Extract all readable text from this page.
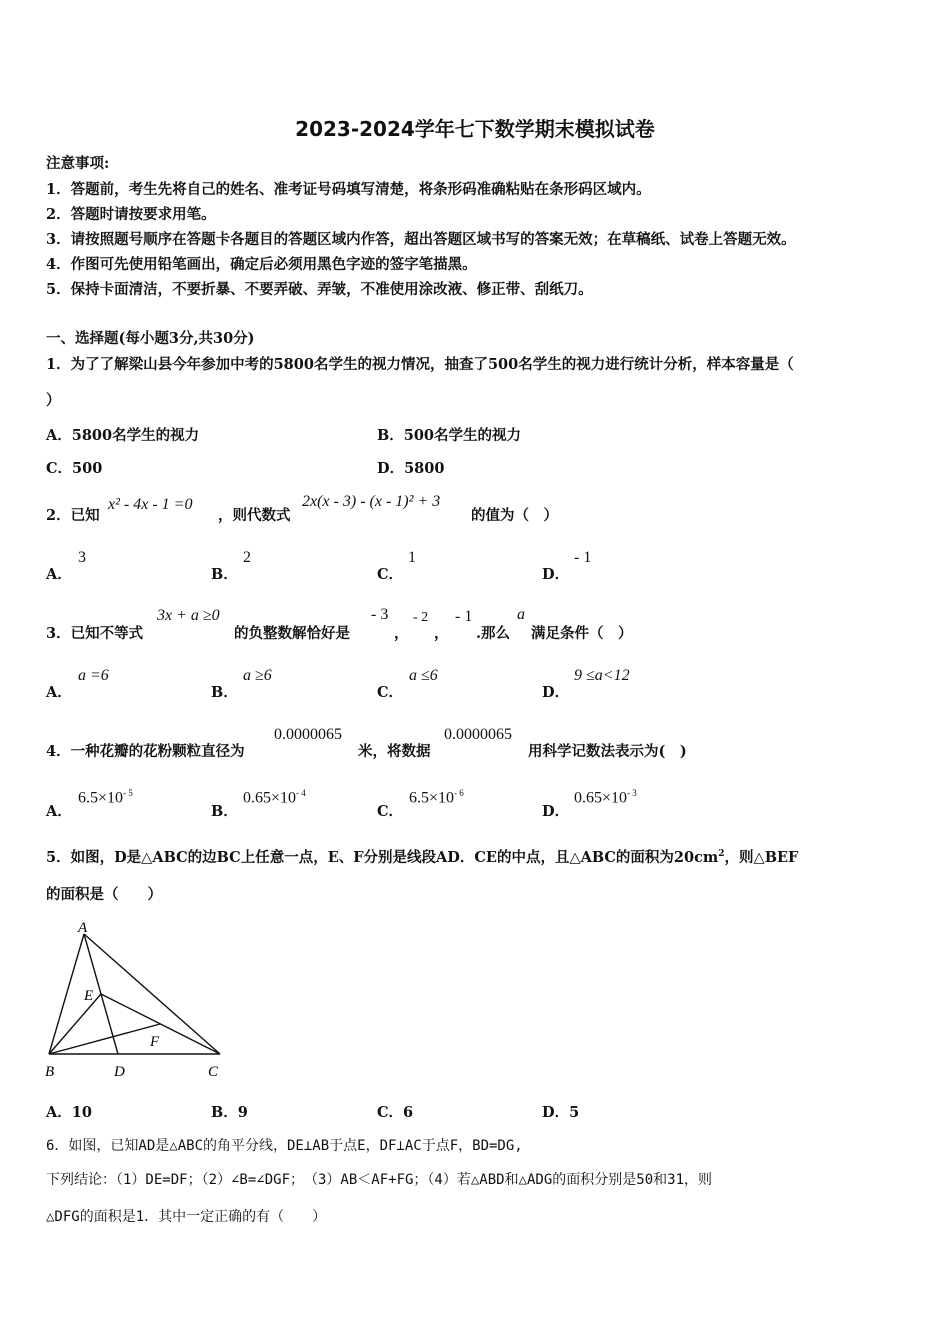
2023-2024学年七下数学期末模拟试卷
注意事项:
1．答题前，考生先将自己的姓名、准考证号码填写清楚，将条形码准确粘贴在条形码区域内。
2．答题时请按要求用笔。
3．请按照题号顺序在答题卡各题目的答题区域内作答，超出答题区域书写的答案无效；在草稿纸、试卷上答题无效。
4．作图可先使用铅笔画出，确定后必须用黑色字迹的签字笔描黑。
5．保持卡面清洁，不要折暴、不要弄破、弄皱，不准使用涂改液、修正带、刮纸刀。
一、选择题(每小题3分,共30分)
1．为了了解梁山县今年参加中考的5800名学生的视力情况，抽查了500名学生的视力进行统计分析，样本容量是（
）
A．5800名学生的视力	B．500名学生的视力
C．500	D．5800
2．已知
x² - 4x - 1 =0
，则代数式
2x(x - 3) - (x - 1)² + 3
的值为（　）
A．
3
B．
2
C．
1
D．
- 1
3．已知不等式
3x + a ≥0
的负整数解恰好是
- 3
，
- 2
，
- 1
.那么
a
满足条件（　）
A．
a =6
B．
a ≥6
C．
a ≤6
D．
9 ≤a<12
4．一种花瓣的花粉颗粒直径为
0.0000065
米，将数据
0.0000065
用科学记数法表示为(　)
A．
$6.5\times 10^{- 5}$
B．
$0.65\times 10^{- 4}$
C．
$6.5\times 10^{- 6}$
D．
$0.65\times 10^{- 3}$
5．如图，D是△ABC的边BC上任意一点，E、F分别是线段AD．CE的中点，且△ABC的面积为$20cm^2$，则△BEF
的面积是（　　）
A
E
F
B	D	C
A．10	B．9	C．6	D．5
6．如图，已知AD是△ABC的角平分线，DE⊥AB于点E，DF⊥AC于点F，BD=DG,
下列结论：（1）DE=DF；（2）∠B=∠DGF；　（3）AB＜AF+FG；（4）若△ABD和△ADG的面积分别是50和31，则
△DFG的面积是1．其中一定正确的有（　　）
